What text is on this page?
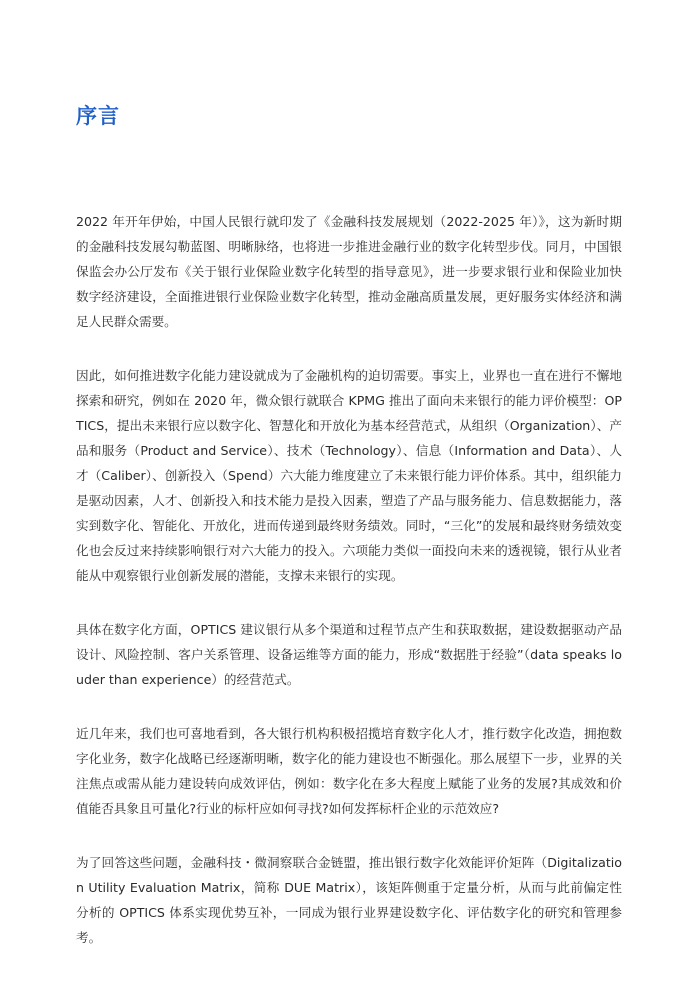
序言

2022 年开年伊始，中国人民银行就印发了《金融科技发展规划（2022-2025 年）》，这为新时期的金融科技发展勾勒蓝图、明晰脉络，也将进一步推进金融行业的数字化转型步伐。同月，中国银保监会办公厅发布《关于银行业保险业数字化转型的指导意见》，进一步要求银行业和保险业加快数字经济建设，全面推进银行业保险业数字化转型，推动金融高质量发展，更好服务实体经济和满足人民群众需要。

因此，如何推进数字化能力建设就成为了金融机构的迫切需要。事实上，业界也一直在进行不懈地探索和研究，例如在 2020 年，微众银行就联合 KPMG 推出了面向未来银行的能力评价模型：OPTICS，提出未来银行应以数字化、智慧化和开放化为基本经营范式，从组织（Organization）、产品和服务（Product and Service）、技术（Technology）、信息（Information and Data）、人才（Caliber）、创新投入（Spend）六大能力维度建立了未来银行能力评价体系。其中，组织能力是驱动因素，人才、创新投入和技术能力是投入因素，塑造了产品与服务能力、信息数据能力，落实到数字化、智能化、开放化，进而传递到最终财务绩效。同时，“三化”的发展和最终财务绩效变化也会反过来持续影响银行对六大能力的投入。六项能力类似一面投向未来的透视镜，银行从业者能从中观察银行业创新发展的潜能，支撑未来银行的实现。

具体在数字化方面，OPTICS 建议银行从多个渠道和过程节点产生和获取数据，建设数据驱动产品设计、风险控制、客户关系管理、设备运维等方面的能力，形成“数据胜于经验”（data speaks louder than experience）的经营范式。

近几年来，我们也可喜地看到，各大银行机构积极招揽培育数字化人才，推行数字化改造，拥抱数字化业务，数字化战略已经逐渐明晰，数字化的能力建设也不断强化。那么展望下一步，业界的关注焦点或需从能力建设转向成效评估，例如：数字化在多大程度上赋能了业务的发展?其成效和价值能否具象且可量化?行业的标杆应如何寻找?如何发挥标杆企业的示范效应?

为了回答这些问题，金融科技・微洞察联合金链盟，推出银行数字化效能评价矩阵（Digitalization Utility Evaluation Matrix，简称 DUE Matrix），该矩阵侧重于定量分析，从而与此前偏定性分析的 OPTICS 体系实现优势互补，一同成为银行业界建设数字化、评估数字化的研究和管理参考。
